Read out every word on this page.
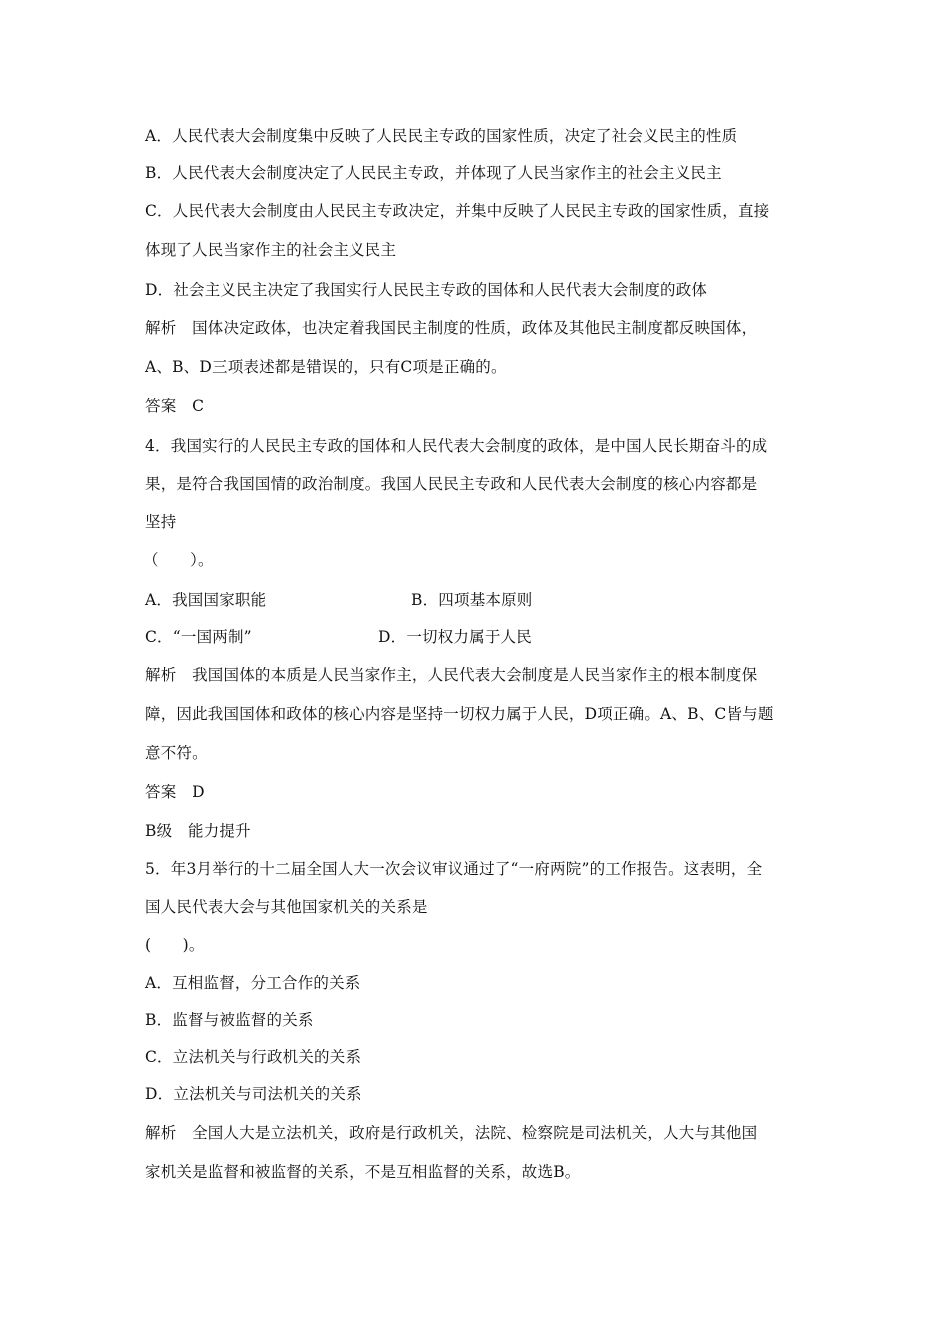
A．人民代表大会制度集中反映了人民民主专政的国家性质，决定了社会义民主的性质
B．人民代表大会制度决定了人民民主专政，并体现了人民当家作主的社会主义民主
C．人民代表大会制度由人民民主专政决定，并集中反映了人民民主专政的国家性质，直接
体现了人民当家作主的社会主义民主
D．社会主义民主决定了我国实行人民民主专政的国体和人民代表大会制度的政体
解析　国体决定政体，也决定着我国民主制度的性质，政体及其他民主制度都反映国体，
A、B、D三项表述都是错误的，只有C项是正确的。
答案　C
4．我国实行的人民民主专政的国体和人民代表大会制度的政体，是中国人民长期奋斗的成
果，是符合我国国情的政治制度。我国人民民主专政和人民代表大会制度的核心内容都是
坚持
（　　）。
A．我国国家职能	B．四项基本原则
C．“一国两制”	D．一切权力属于人民
解析　我国国体的本质是人民当家作主，人民代表大会制度是人民当家作主的根本制度保
障，因此我国国体和政体的核心内容是坚持一切权力属于人民，D项正确。A、B、C皆与题
意不符。
答案　D
B级　能力提升
5．年3月举行的十二届全国人大一次会议审议通过了“一府两院”的工作报告。这表明，全
国人民代表大会与其他国家机关的关系是
(　　)。
A．互相监督，分工合作的关系
B．监督与被监督的关系
C．立法机关与行政机关的关系
D．立法机关与司法机关的关系
解析　全国人大是立法机关，政府是行政机关，法院、检察院是司法机关，人大与其他国
家机关是监督和被监督的关系，不是互相监督的关系，故选B。
